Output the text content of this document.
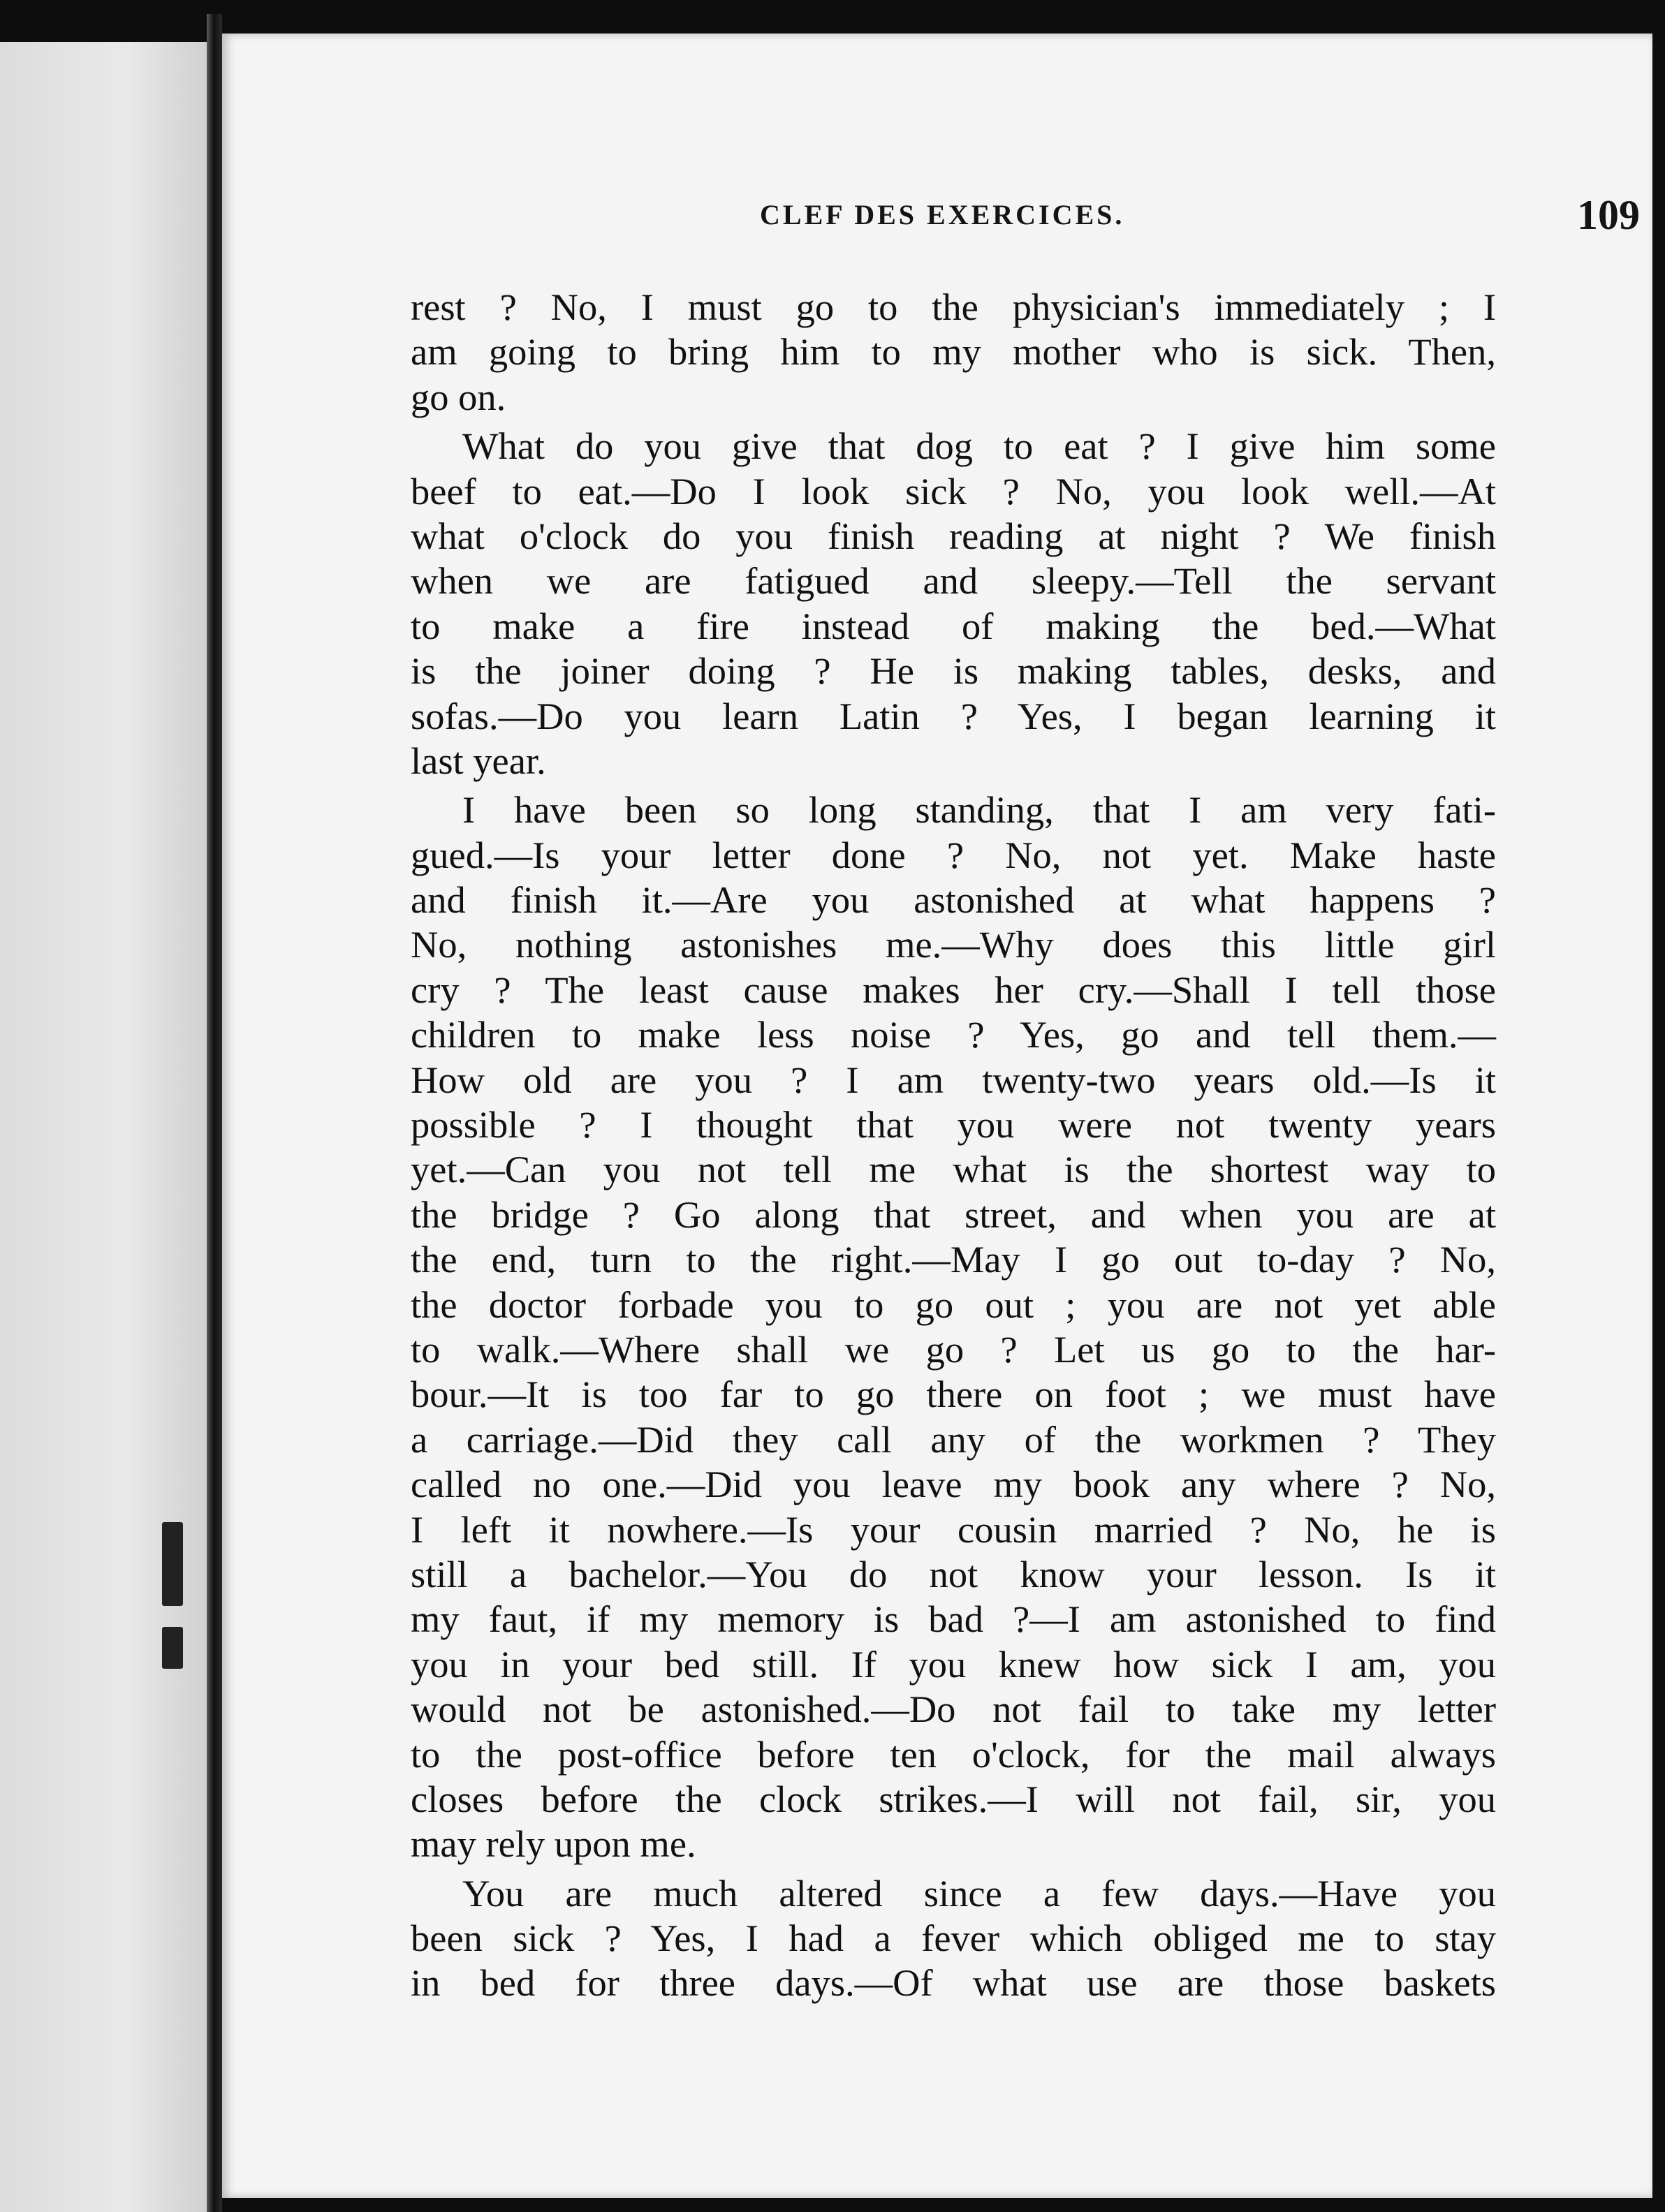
CLEF DES EXERCICES.	109
rest ? No, I must go to the physician's immediately ; I
am going to bring him to my mother who is sick. Then,
go on.
What do you give that dog to eat ? I give him some
beef to eat.—Do I look sick ? No, you look well.—At
what o'clock do you finish reading at night ? We finish
when we are fatigued and sleepy.—Tell the servant
to make a fire instead of making the bed.—What
is the joiner doing ? He is making tables, desks, and
sofas.—Do you learn Latin ? Yes, I began learning it
last year.
I have been so long standing, that I am very fati-
gued.—Is your letter done ? No, not yet. Make haste
and finish it.—Are you astonished at what happens ?
No, nothing astonishes me.—Why does this little girl
cry ? The least cause makes her cry.—Shall I tell those
children to make less noise ? Yes, go and tell them.—
How old are you ? I am twenty-two years old.—Is it
possible ? I thought that you were not twenty years
yet.—Can you not tell me what is the shortest way to
the bridge ? Go along that street, and when you are at
the end, turn to the right.—May I go out to-day ? No,
the doctor forbade you to go out ; you are not yet able
to walk.—Where shall we go ? Let us go to the har-
bour.—It is too far to go there on foot ; we must have
a carriage.—Did they call any of the workmen ? They
called no one.—Did you leave my book any where ? No,
I left it nowhere.—Is your cousin married ? No, he is
still a bachelor.—You do not know your lesson. Is it
my faut, if my memory is bad ?—I am astonished to find
you in your bed still. If you knew how sick I am, you
would not be astonished.—Do not fail to take my letter
to the post-office before ten o'clock, for the mail always
closes before the clock strikes.—I will not fail, sir, you
may rely upon me.
You are much altered since a few days.—Have you
been sick ? Yes, I had a fever which obliged me to stay
in bed for three days.—Of what use are those baskets
